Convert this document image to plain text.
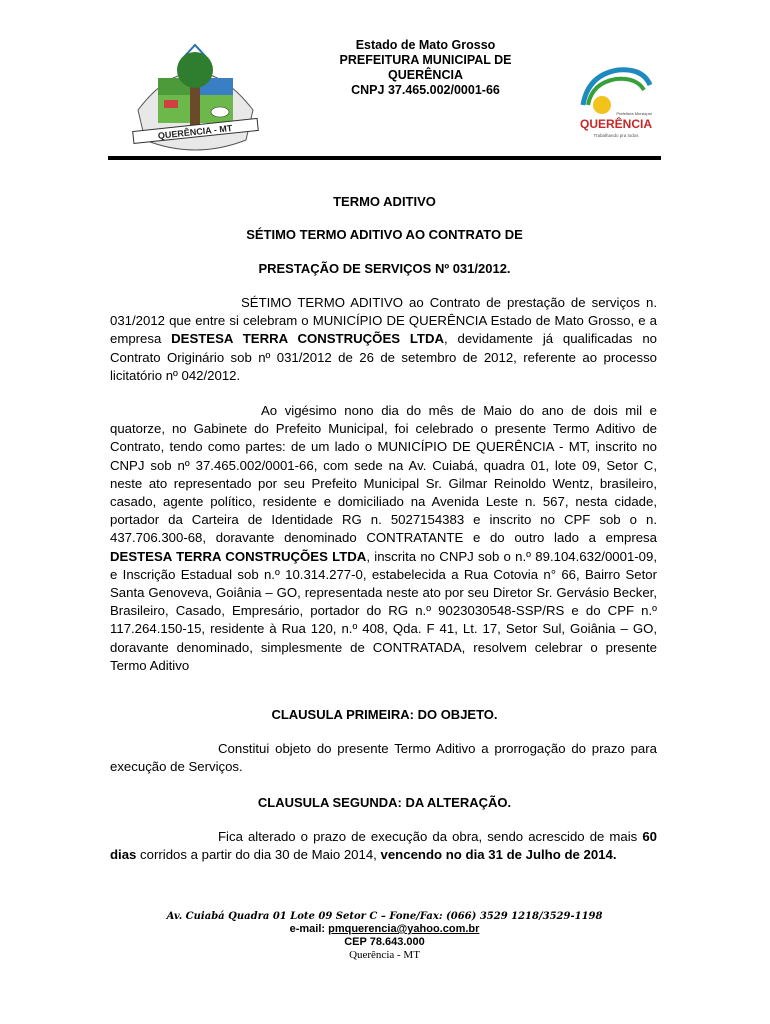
QUERÊNCIA - MT
Estado de Mato Grosso
PREFEITURA MUNICIPAL DE
QUERÊNCIA
CNPJ 37.465.002/0001-66
Prefeitura Municipal
QUERÊNCIA
Trabalhando pra todos
TERMO ADITIVO
SÉTIMO TERMO ADITIVO AO CONTRATO DE
PRESTAÇÃO DE SERVIÇOS Nº 031/2012.
SÉTIMO TERMO ADITIVO ao Contrato de prestação de serviços n. 031/2012 que entre si celebram o MUNICÍPIO DE QUERÊNCIA Estado de Mato Grosso, e a empresa DESTESA TERRA CONSTRUÇÕES LTDA, devidamente já qualificadas no Contrato Originário sob nº 031/2012 de 26 de setembro de 2012, referente ao processo licitatório nº 042/2012.
Ao vigésimo nono dia do mês de Maio do ano de dois mil e quatorze, no Gabinete do Prefeito Municipal, foi celebrado o presente Termo Aditivo de Contrato, tendo como partes: de um lado o MUNICÍPIO DE QUERÊNCIA - MT, inscrito no CNPJ sob nº 37.465.002/0001-66, com sede na Av. Cuiabá, quadra 01, lote 09, Setor C, neste ato representado por seu Prefeito Municipal Sr. Gilmar Reinoldo Wentz, brasileiro, casado, agente político, residente e domiciliado na Avenida Leste n. 567, nesta cidade, portador da Carteira de Identidade RG n. 5027154383 e inscrito no CPF sob o n. 437.706.300-68, doravante denominado CONTRATANTE e do outro lado a empresa DESTESA TERRA CONSTRUÇÕES LTDA, inscrita no CNPJ sob o n.º 89.104.632/0001-09, e Inscrição Estadual sob n.º 10.314.277-0, estabelecida a Rua Cotovia n° 66, Bairro Setor Santa Genoveva, Goiânia – GO, representada neste ato por seu Diretor Sr. Gervásio Becker, Brasileiro, Casado, Empresário, portador do RG n.º 9023030548-SSP/RS e do CPF n.º 117.264.150-15, residente à Rua 120, n.º 408, Qda. F 41, Lt. 17, Setor Sul, Goiânia – GO, doravante denominado, simplesmente de CONTRATADA, resolvem celebrar o presente Termo Aditivo
CLAUSULA PRIMEIRA: DO OBJETO.
Constitui objeto do presente Termo Aditivo a prorrogação do prazo para execução de Serviços.
CLAUSULA SEGUNDA: DA ALTERAÇÃO.
Fica alterado o prazo de execução da obra, sendo acrescido de mais 60 dias corridos a partir do dia 30 de Maio 2014, vencendo no dia 31 de Julho de 2014.
Av. Cuiabá Quadra 01 Lote 09 Setor C – Fone/Fax: (066) 3529 1218/3529-1198
e-mail: pmquerencia@yahoo.com.br
CEP 78.643.000
Querência - MT
